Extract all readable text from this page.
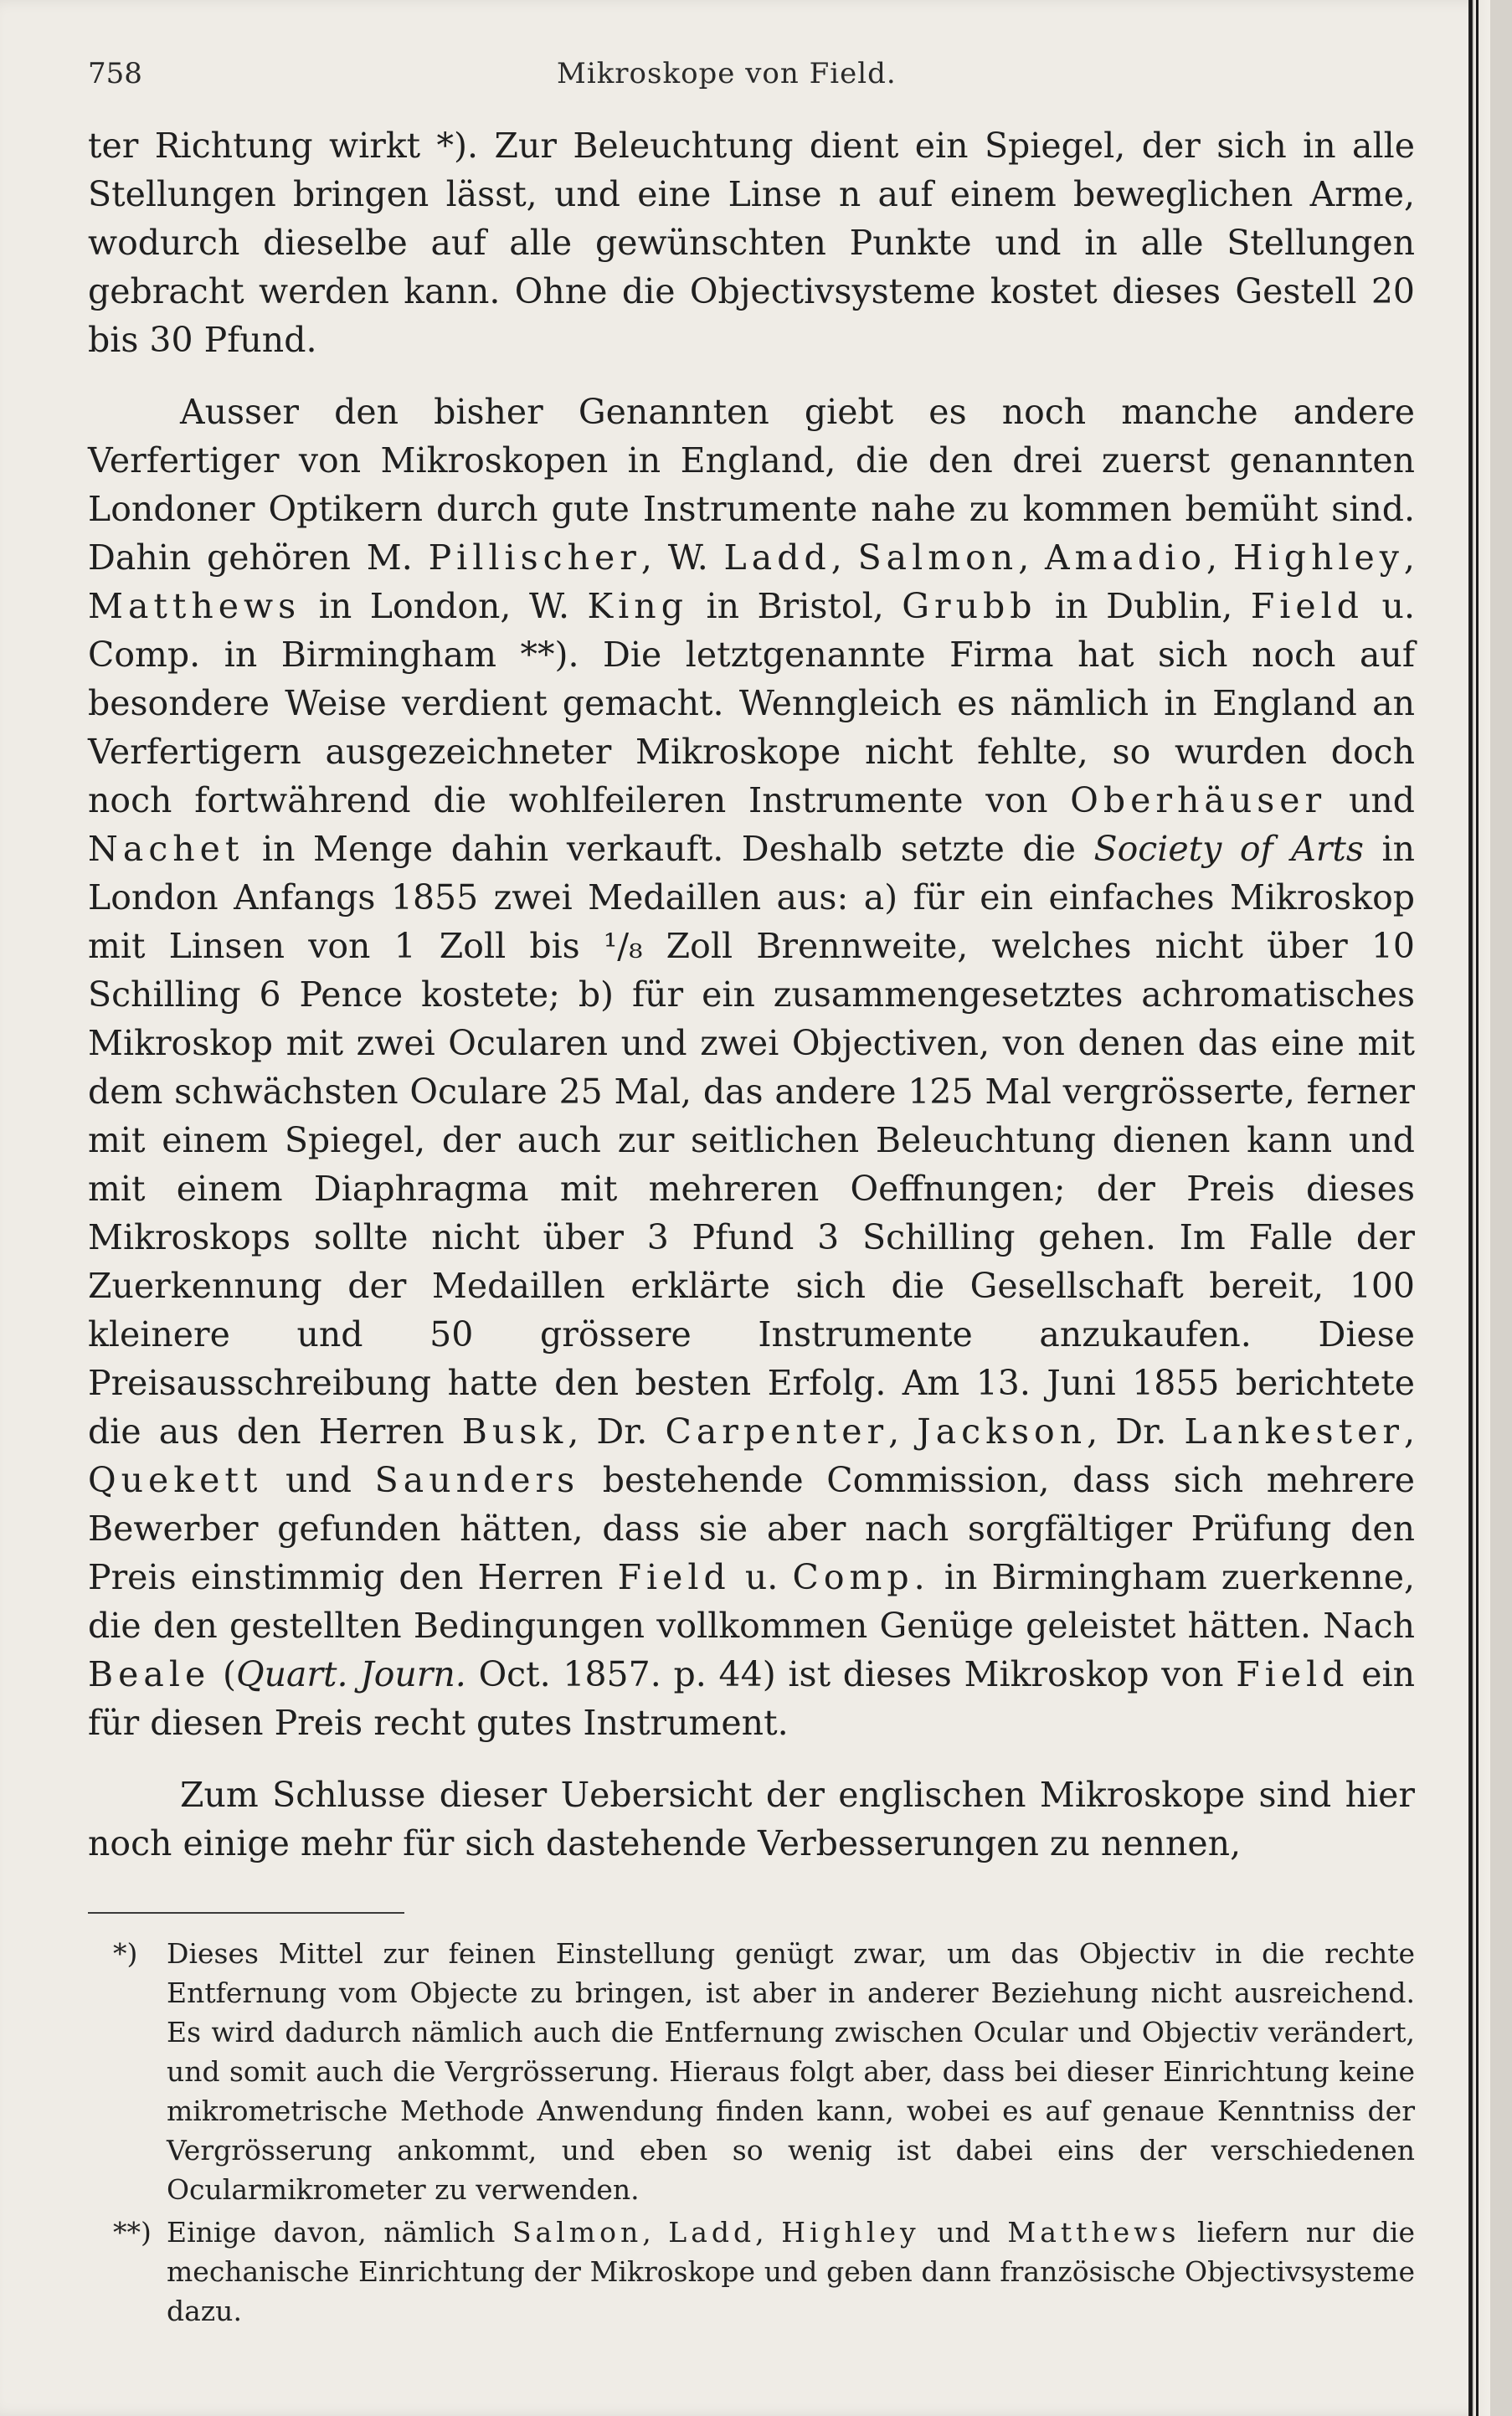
758	Mikroskope von Field.

ter Richtung wirkt *). Zur Beleuchtung dient ein Spiegel, der sich in alle Stellungen bringen lässt, und eine Linse n auf einem beweglichen Arme, wodurch dieselbe auf alle gewünschten Punkte und in alle Stellungen gebracht werden kann. Ohne die Objectivsysteme kostet dieses Gestell 20 bis 30 Pfund.

Ausser den bisher Genannten giebt es noch manche andere Verfertiger von Mikroskopen in England, die den drei zuerst genannten Londoner Optikern durch gute Instrumente nahe zu kommen bemüht sind. Dahin gehören M. Pillischer, W. Ladd, Salmon, Amadio, Highley, Matthews in London, W. King in Bristol, Grubb in Dublin, Field u. Comp. in Birmingham **). Die letztgenannte Firma hat sich noch auf besondere Weise verdient gemacht. Wenngleich es nämlich in England an Verfertigern ausgezeichneter Mikroskope nicht fehlte, so wurden doch noch fortwährend die wohlfeileren Instrumente von Oberhäuser und Nachet in Menge dahin verkauft. Deshalb setzte die Society of Arts in London Anfangs 1855 zwei Medaillen aus: a) für ein einfaches Mikroskop mit Linsen von 1 Zoll bis ¹/₈ Zoll Brennweite, welches nicht über 10 Schilling 6 Pence kostete; b) für ein zusammengesetztes achromatisches Mikroskop mit zwei Ocularen und zwei Objectiven, von denen das eine mit dem schwächsten Oculare 25 Mal, das andere 125 Mal vergrösserte, ferner mit einem Spiegel, der auch zur seitlichen Beleuchtung dienen kann und mit einem Diaphragma mit mehreren Oeffnungen; der Preis dieses Mikroskops sollte nicht über 3 Pfund 3 Schilling gehen. Im Falle der Zuerkennung der Medaillen erklärte sich die Gesellschaft bereit, 100 kleinere und 50 grössere Instrumente anzukaufen. Diese Preisausschreibung hatte den besten Erfolg. Am 13. Juni 1855 berichtete die aus den Herren Busk, Dr. Carpenter, Jackson, Dr. Lankester, Quekett und Saunders bestehende Commission, dass sich mehrere Bewerber gefunden hätten, dass sie aber nach sorgfältiger Prüfung den Preis einstimmig den Herren Field u. Comp. in Birmingham zuerkenne, die den gestellten Bedingungen vollkommen Genüge geleistet hätten. Nach Beale (Quart. Journ. Oct. 1857. p. 44) ist dieses Mikroskop von Field ein für diesen Preis recht gutes Instrument.

Zum Schlusse dieser Uebersicht der englischen Mikroskope sind hier noch einige mehr für sich dastehende Verbesserungen zu nennen,

*) Dieses Mittel zur feinen Einstellung genügt zwar, um das Objectiv in die rechte Entfernung vom Objecte zu bringen, ist aber in anderer Beziehung nicht ausreichend. Es wird dadurch nämlich auch die Entfernung zwischen Ocular und Objectiv verändert, und somit auch die Vergrösserung. Hieraus folgt aber, dass bei dieser Einrichtung keine mikrometrische Methode Anwendung finden kann, wobei es auf genaue Kenntniss der Vergrösserung ankommt, und eben so wenig ist dabei eins der verschiedenen Ocularmikrometer zu verwenden.

**) Einige davon, nämlich Salmon, Ladd, Highley und Matthews liefern nur die mechanische Einrichtung der Mikroskope und geben dann französische Objectivsysteme dazu.
